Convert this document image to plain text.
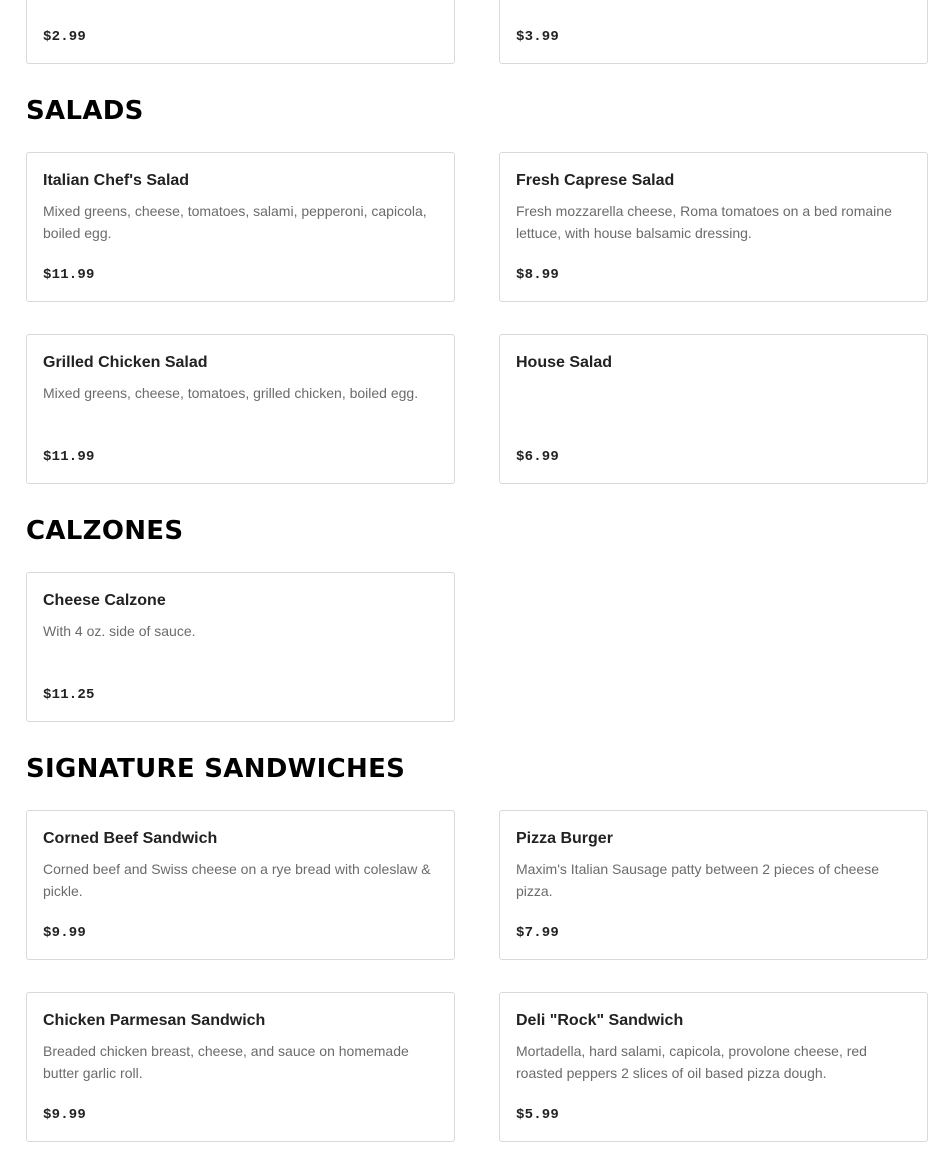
$2.99	$3.99
SALADS
Italian Chef's Salad
Mixed greens, cheese, tomatoes, salami, pepperoni, capicola, boiled egg.
$11.99
Fresh Caprese Salad
Fresh mozzarella cheese, Roma tomatoes on a bed romaine lettuce, with house balsamic dressing.
$8.99
Grilled Chicken Salad
Mixed greens, cheese, tomatoes, grilled chicken, boiled egg.
$11.99
House Salad
$6.99
CALZONES
Cheese Calzone
With 4 oz. side of sauce.
$11.25
SIGNATURE SANDWICHES
Corned Beef Sandwich
Corned beef and Swiss cheese on a rye bread with coleslaw & pickle.
$9.99
Pizza Burger
Maxim's Italian Sausage patty between 2 pieces of cheese pizza.
$7.99
Chicken Parmesan Sandwich
Breaded chicken breast, cheese, and sauce on homemade butter garlic roll.
$9.99
Deli "Rock" Sandwich
Mortadella, hard salami, capicola, provolone cheese, red roasted peppers 2 slices of oil based pizza dough.
$5.99
